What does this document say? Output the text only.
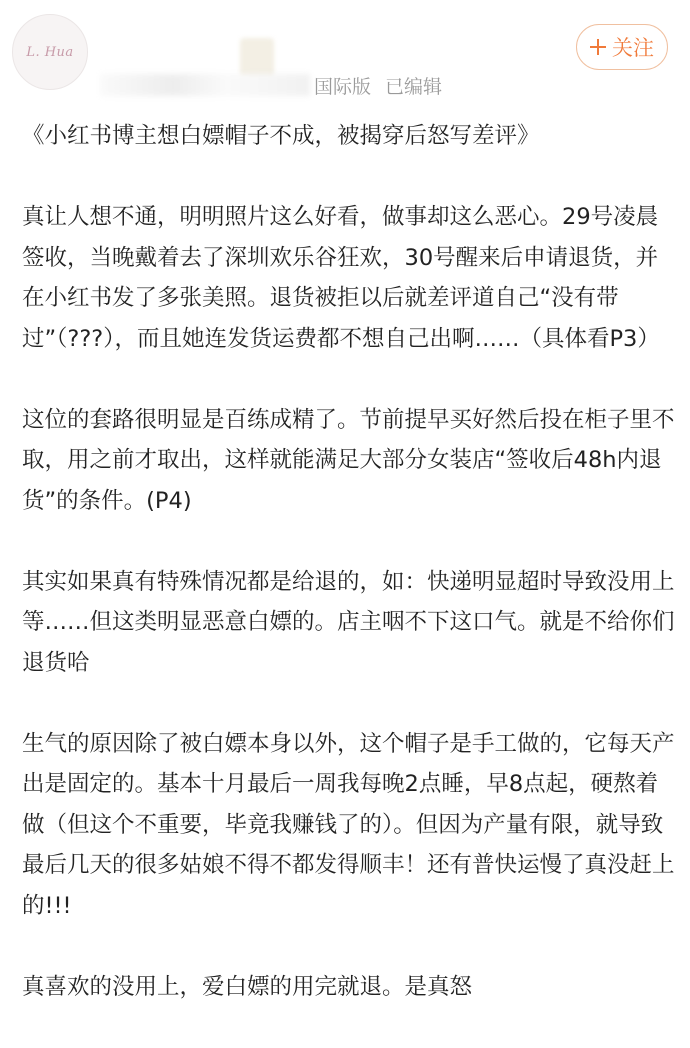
L. Hua
国际版 已编辑
关注

《小红书博主想白嫖帽子不成，被揭穿后怒写差评》

真让人想不通，明明照片这么好看，做事却这么恶心。29号凌晨签收，当晚戴着去了深圳欢乐谷狂欢，30号醒来后申请退货，并在小红书发了多张美照。退货被拒以后就差评道自己“没有带过”（???），而且她连发货运费都不想自己出啊……（具体看P3）

这位的套路很明显是百练成精了。节前提早买好然后投在柜子里不取，用之前才取出，这样就能满足大部分女装店“签收后48h内退货”的条件。(P4)

其实如果真有特殊情况都是给退的，如：快递明显超时导致没用上 等……但这类明显恶意白嫖的。店主咽不下这口气。就是不给你们退货哈

生气的原因除了被白嫖本身以外，这个帽子是手工做的，它每天产出是固定的。基本十月最后一周我每晚2点睡，早8点起，硬熬着做（但这个不重要，毕竟我赚钱了的）。但因为产量有限，就导致最后几天的很多姑娘不得不都发得顺丰！还有普快运慢了真没赶上的!!!

真喜欢的没用上，爱白嫖的用完就退。是真怒
